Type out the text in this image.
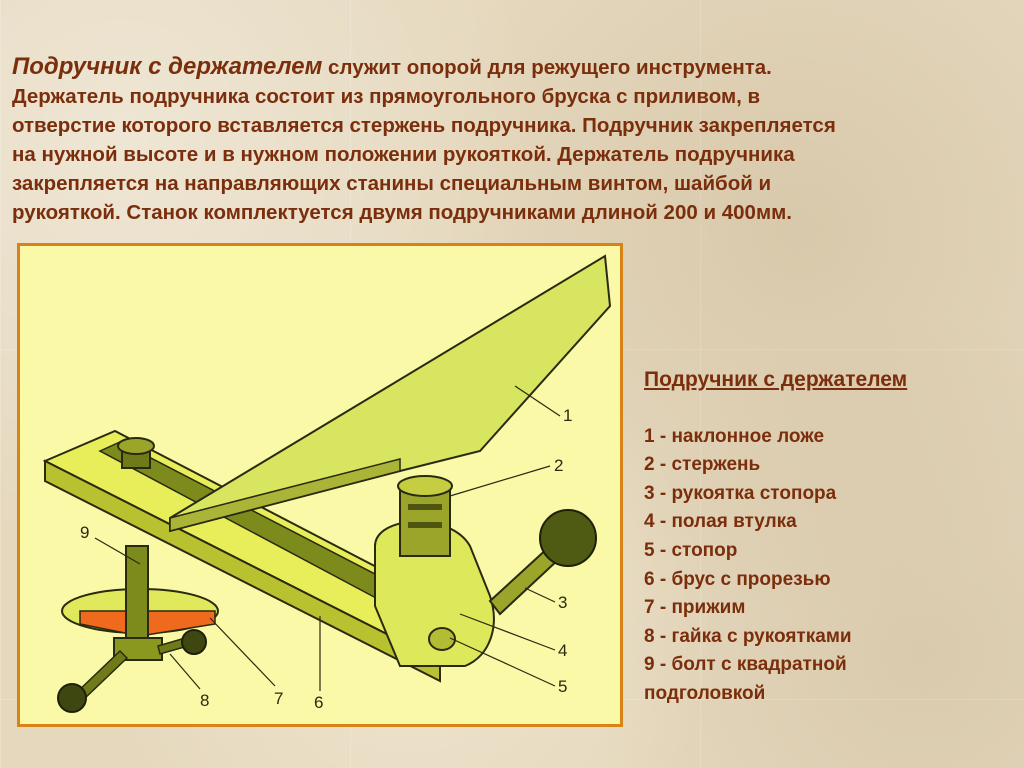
Подручник с держателем служит опорой для режущего инструмента.
Держатель подручника состоит из прямоугольного бруска с приливом, в
отверстие которого вставляется стержень подручника. Подручник закрепляется
на нужной высоте и в нужном положении рукояткой. Держатель подручника
закрепляется на направляющих станины специальным винтом, шайбой и
рукояткой. Станок комплектуется двумя подручниками длиной 200 и 400мм.
1
2
3
4
5
6
7
8
9
Подручник с держателем
1 - наклонное ложе
2 - стержень
3 - рукоятка стопора
4 - полая втулка
5 - стопор
6 - брус с прорезью
7 - прижим
8 - гайка с рукоятками
9 - болт с квадратной
подголовкой
